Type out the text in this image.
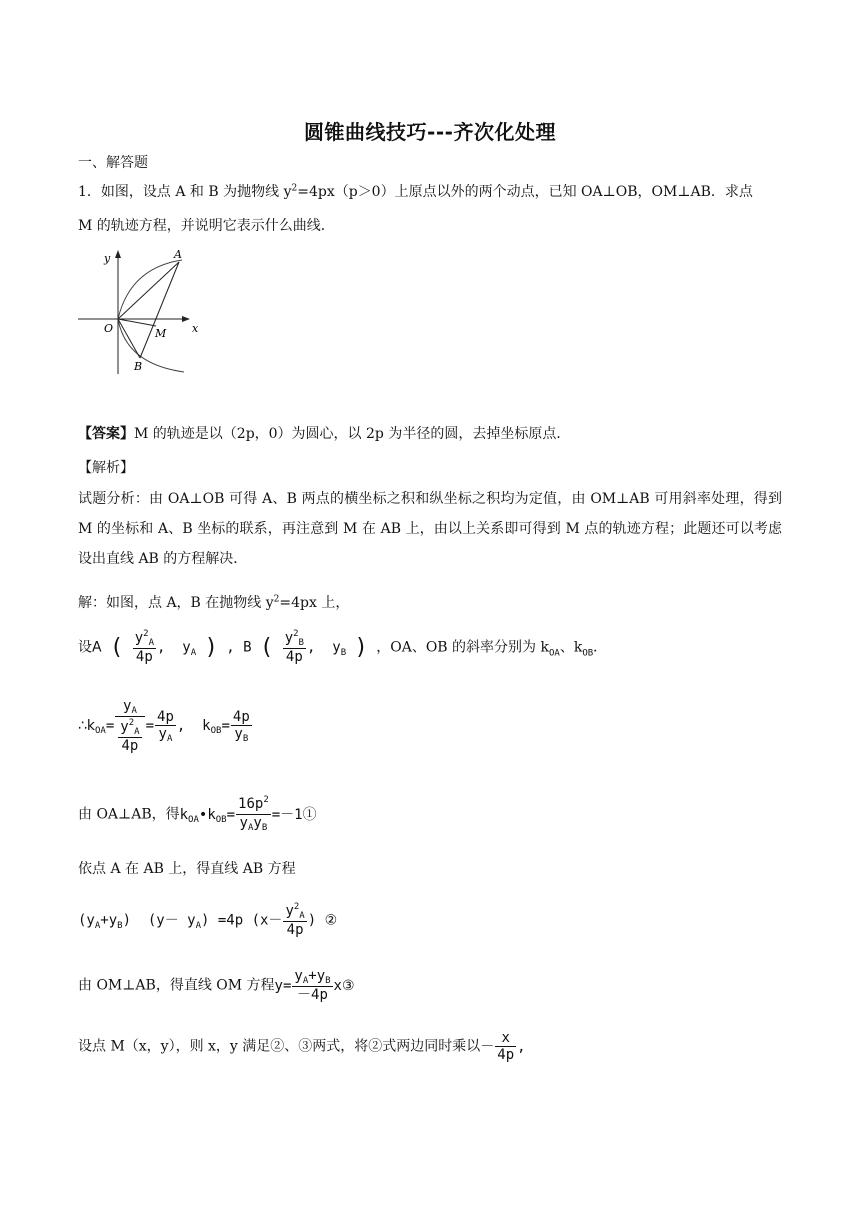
圆锥曲线技巧---齐次化处理
一、解答题
1．如图，设点 A 和 B 为抛物线 $y^2=4px(p>0)$上原点以外的两个动点，已知 OA⊥OB，OM⊥AB．求点
M 的轨迹方程，并说明它表示什么曲线．
y
x
O
A
B
M
【答案】M 的轨迹是以（2p，0）为圆心，以 2p 为半径的圆，去掉坐标原点．
【解析】
试题分析：由 OA⊥OB 可得 A、B 两点的横坐标之积和纵坐标之积均为定值，由 OM⊥AB 可用斜率处理，得到 M 的坐标和 A、B 坐标的联系，再注意到 M 在 AB 上，由以上关系即可得到 M 点的轨迹方程；此题还可以考虑设出直线 AB 的方程解决．
解：如图，点 A，B 在抛物线 $y^2=4px$ 上，
设A ( $\frac{y^2_A}{4p}$ ,  $y_A$ ) , B ( $\frac{y^2_B}{4p}$ ,  $y_B$ ) ，OA、OB 的斜率分别为 $k_{OA}$、$k_{OB}$．
$\therefore k_{OA}= \frac{y_A}{\frac{y^2_A}{4p}} = \frac{4p}{y_A}$ ,  $k_{OB}= \frac{4p}{y_B}$
由 OA⊥AB，得$k_{OA}•k_{OB}= \frac{16p^2}{y_Ay_B}$ =－1①
依点 A 在 AB 上，得直线 AB 方程
$(y_A+y_B)$  $(y- y_A) =4p$ ($x- \frac{y^2_A}{4p}$ ) ②
由 OM⊥AB，得直线 OM 方程$y= \frac{y_A+y_B}{-4p}$ x③
设点 M（x，y），则 x，y 满足②、③两式，将②式两边同时乘以－ $\frac{x}{4p}$ ,
